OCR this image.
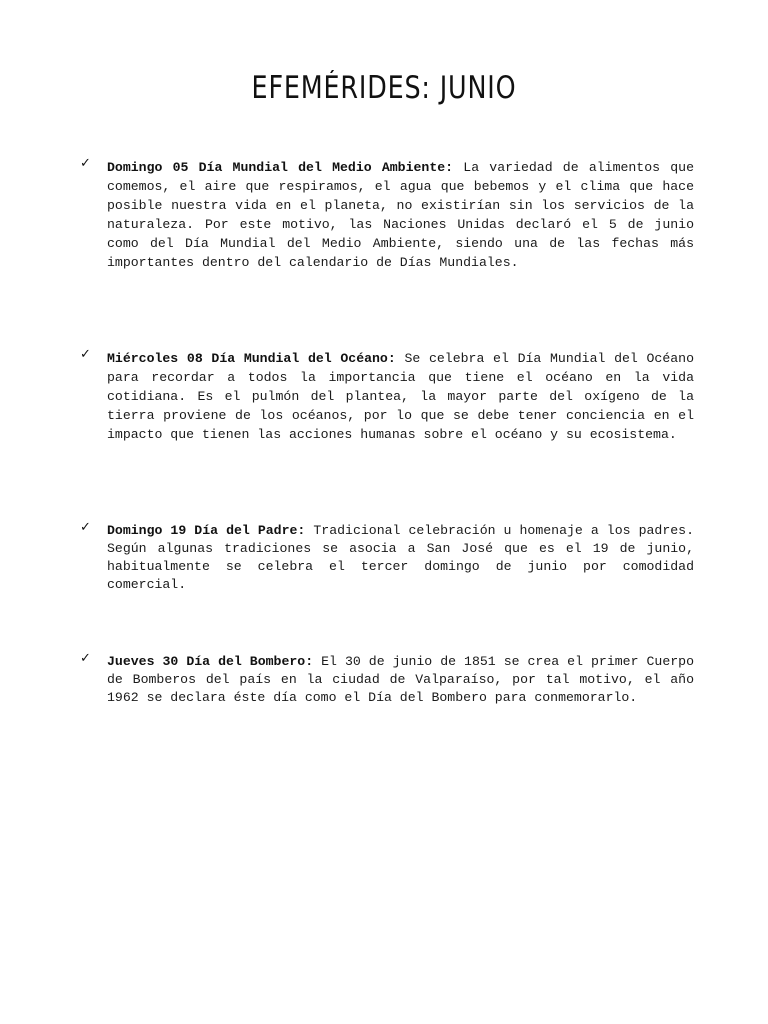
EFEMÉRIDES: JUNIO
✓ Domingo 05 Día Mundial del Medio Ambiente: La variedad de alimentos que comemos, el aire que respiramos, el agua que bebemos y el clima que hace posible nuestra vida en el planeta, no existirían sin los servicios de la naturaleza. Por este motivo, las Naciones Unidas declaró el 5 de junio como del Día Mundial del Medio Ambiente, siendo una de las fechas más importantes dentro del calendario de Días Mundiales.

✓ Miércoles 08 Día Mundial del Océano: Se celebra el Día Mundial del Océano para recordar a todos la importancia que tiene el océano en la vida cotidiana. Es el pulmón del plantea, la mayor parte del oxígeno de la tierra proviene de los océanos, por lo que se debe tener conciencia en el impacto que tienen las acciones humanas sobre el océano y su ecosistema.

✓ Domingo 19 Día del Padre: Tradicional celebración u homenaje a los padres. Según algunas tradiciones se asocia a San José que es el 19 de junio, habitualmente se celebra el tercer domingo de junio por comodidad comercial.

✓ Jueves 30 Día del Bombero: El 30 de junio de 1851 se crea el primer Cuerpo de Bomberos del país en la ciudad de Valparaíso, por tal motivo, el año 1962 se declara éste día como el Día del Bombero para conmemorarlo.
